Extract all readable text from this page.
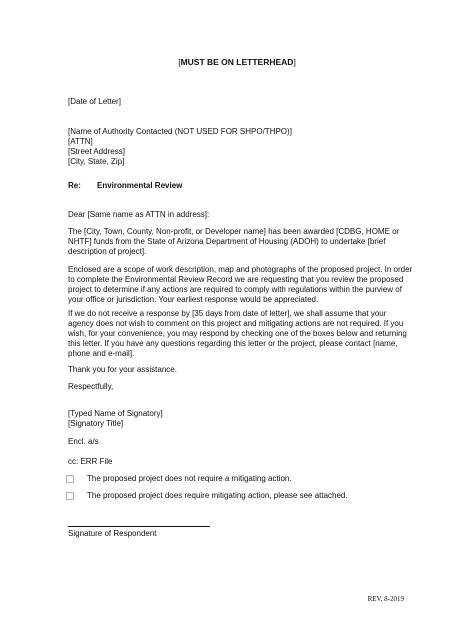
[MUST BE ON LETTERHEAD]
[Date of Letter]
[Name of Authority Contacted (NOT USED FOR SHPO/THPO)]
[ATTN]
[Street Address]
[City, State, Zip]
Re: Environmental Review
Dear [Same name as ATTN in address]:
The [City, Town, County, Non-profit, or Developer name] has been awarded [CDBG, HOME or
NHTF] funds from the State of Arizona Department of Housing (ADOH) to undertake [brief
description of project].
Enclosed are a scope of work description, map and photographs of the proposed project. In order
to complete the Environmental Review Record we are requesting that you review the proposed
project to determine if any actions are required to comply with regulations within the purview of
your office or jurisdiction. Your earliest response would be appreciated.
If we do not receive a response by [35 days from date of letter], we shall assume that your
agency does not wish to comment on this project and mitigating actions are not required. If you
wish, for your convenience, you may respond by checking one of the boxes below and returning
this letter. If you have any questions regarding this letter or the project, please contact [name,
phone and e-mail].
Thank you for your assistance.
Respectfully,
[Typed Name of Signatory]
[Signatory Title]
Encl. a/s
cc: ERR File
The proposed project does not require a mitigating action.
The proposed project does require mitigating action, please see attached.
Signature of Respondent
REV. 8-2019
